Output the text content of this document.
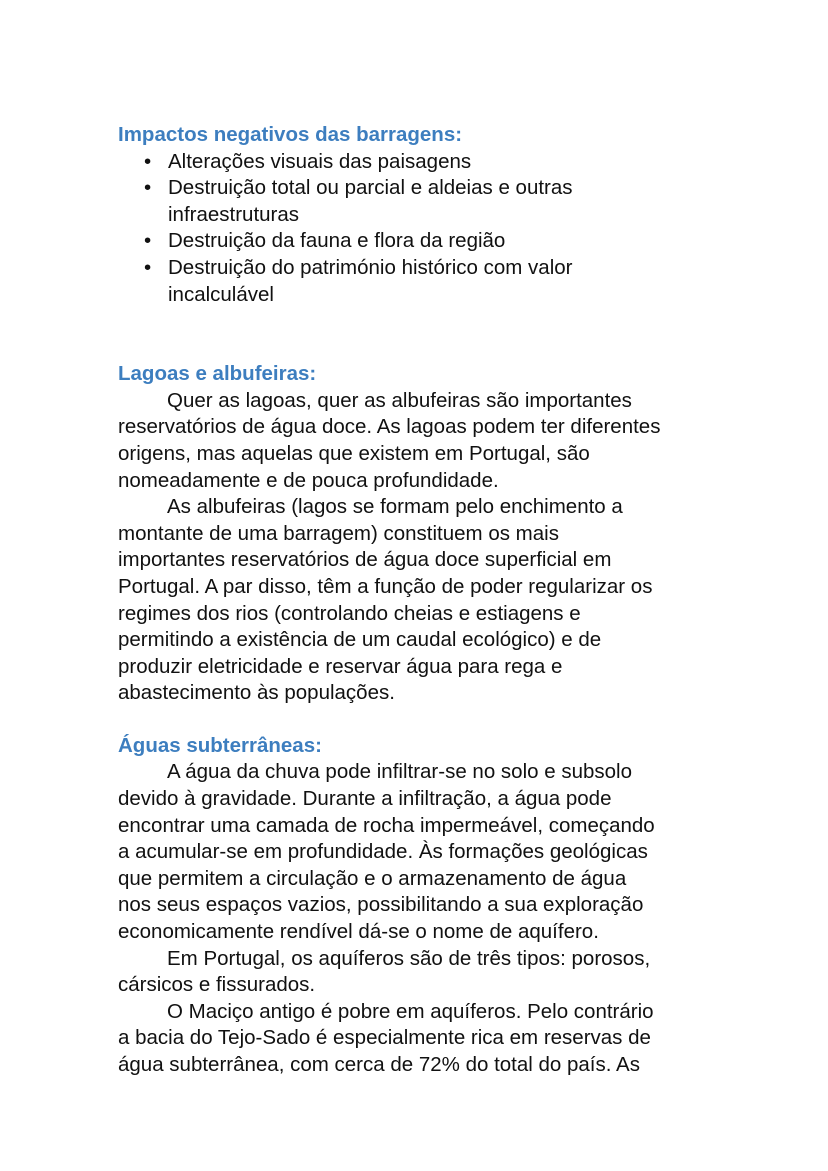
Impactos negativos das barragens:
• Alterações visuais das paisagens
• Destruição total ou parcial e aldeias e outras
infraestruturas
• Destruição da fauna e flora da região
• Destruição do património histórico com valor
incalculável
Lagoas e albufeiras:

Quer as lagoas, quer as albufeiras são importantes
reservatórios de água doce. As lagoas podem ter diferentes
origens, mas aquelas que existem em Portugal, são
nomeadamente e de pouca profundidade.

As albufeiras (lagos se formam pelo enchimento a
montante de uma barragem) constituem os mais
importantes reservatórios de água doce superficial em
Portugal. A par disso, têm a função de poder regularizar os
regimes dos rios (controlando cheias e estiagens e
permitindo a existência de um caudal ecológico) e de
produzir eletricidade e reservar água para rega e
abastecimento às populações.

Águas subterrâneas:

A água da chuva pode infiltrar-se no solo e subsolo
devido à gravidade. Durante a infiltração, a água pode
encontrar uma camada de rocha impermeável, começando
a acumular-se em profundidade. Às formações geológicas
que permitem a circulação e o armazenamento de água
nos seus espaços vazios, possibilitando a sua exploração
economicamente rendível dá-se o nome de aquífero.

Em Portugal, os aquíferos são de três tipos: porosos,
cársicos e fissurados.

O Maciço antigo é pobre em aquíferos. Pelo contrário
a bacia do Tejo-Sado é especialmente rica em reservas de
água subterrânea, com cerca de 72% do total do país. As
